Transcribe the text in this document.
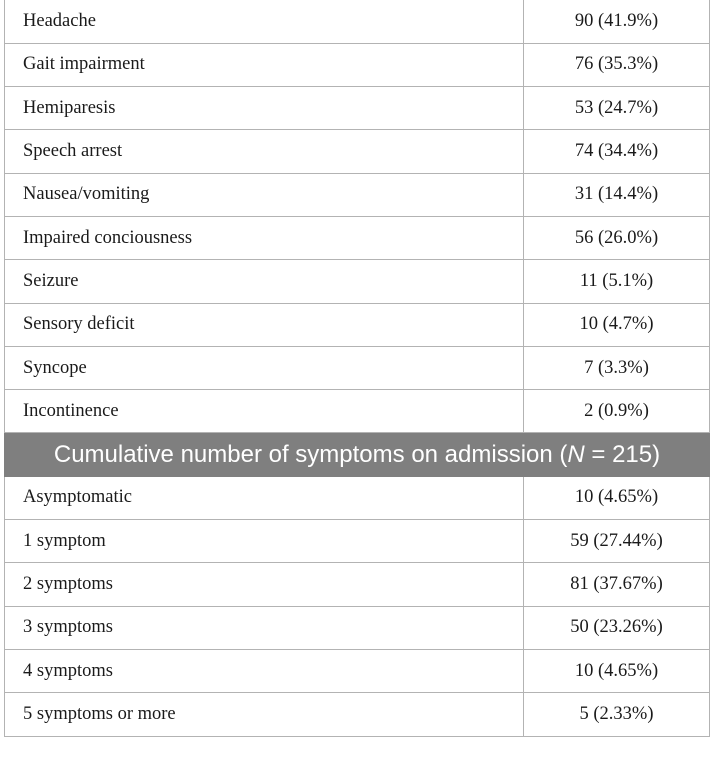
Headache	90 (41.9%)
Gait impairment	76 (35.3%)
Hemiparesis	53 (24.7%)
Speech arrest	74 (34.4%)
Nausea/vomiting	31 (14.4%)
Impaired conciousness	56 (26.0%)
Seizure	11 (5.1%)
Sensory deficit	10 (4.7%)
Syncope	7 (3.3%)
Incontinence	2 (0.9%)
Cumulative number of symptoms on admission (N = 215)	
Asymptomatic	10 (4.65%)
1 symptom	59 (27.44%)
2 symptoms	81 (37.67%)
3 symptoms	50 (23.26%)
4 symptoms	10 (4.65%)
5 symptoms or more	5 (2.33%)
